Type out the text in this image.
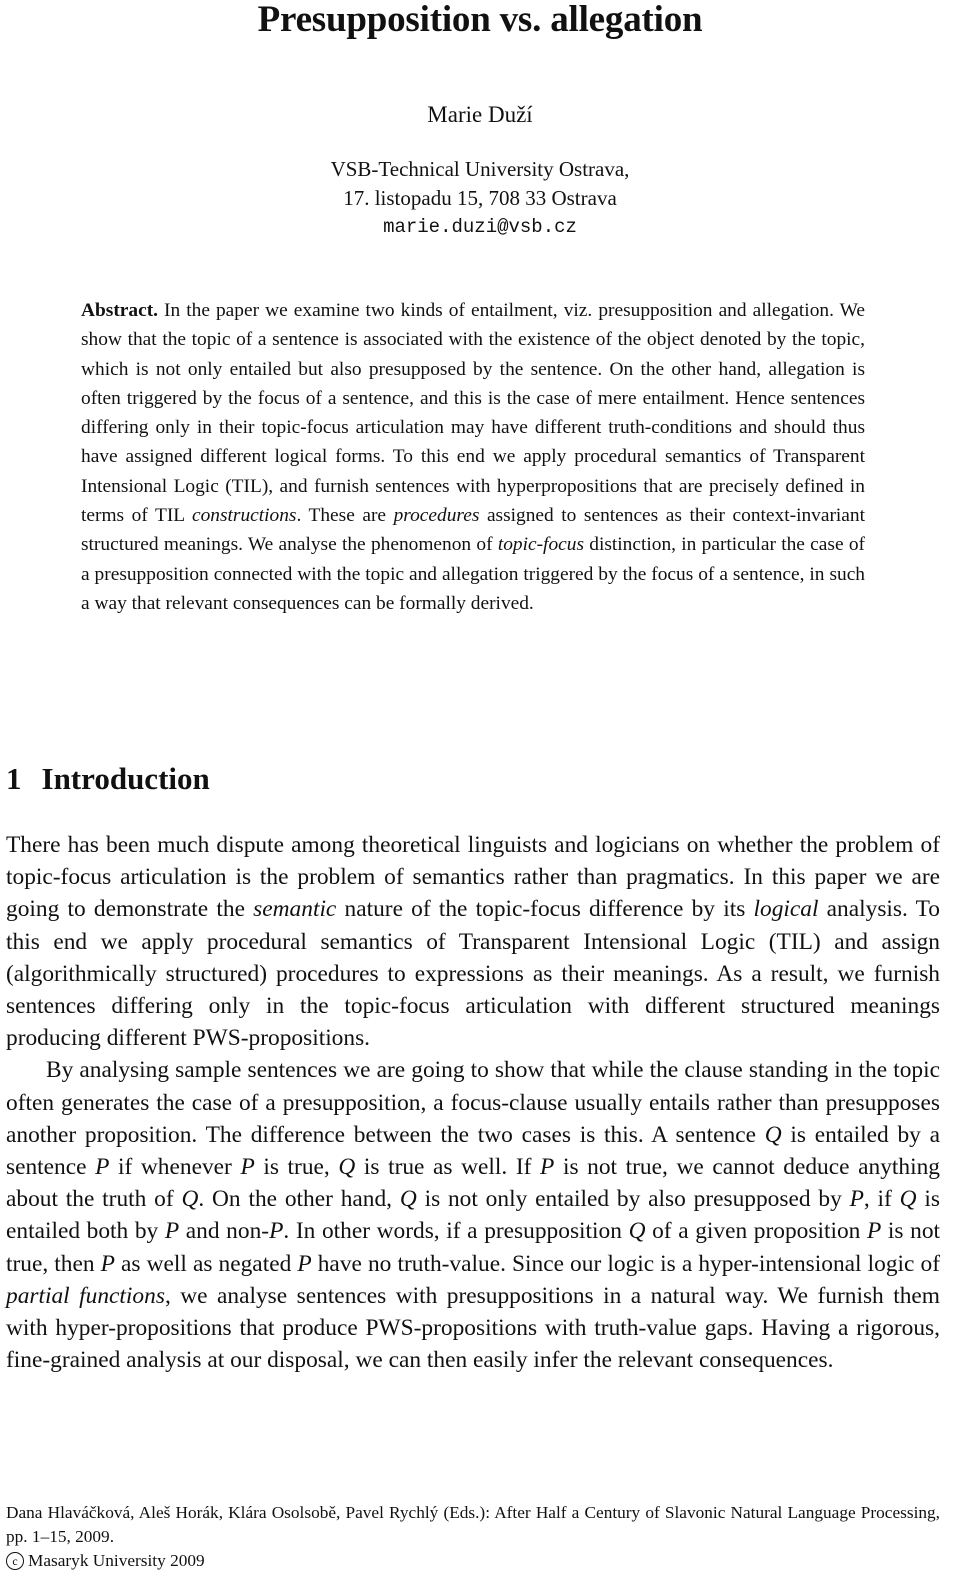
Presupposition vs. allegation
Marie Duží
VSB-Technical University Ostrava,
17. listopadu 15, 708 33 Ostrava
marie.duzi@vsb.cz
Abstract. In the paper we examine two kinds of entailment, viz. presupposition and allegation. We show that the topic of a sentence is associated with the existence of the object denoted by the topic, which is not only entailed but also presupposed by the sentence. On the other hand, allegation is often triggered by the focus of a sentence, and this is the case of mere entailment. Hence sentences differing only in their topic-focus articulation may have different truth-conditions and should thus have assigned different logical forms. To this end we apply procedural semantics of Transparent Intensional Logic (TIL), and furnish sentences with hyperpropositions that are precisely defined in terms of TIL constructions. These are procedures assigned to sentences as their context-invariant structured meanings. We analyse the phenomenon of topic-focus distinction, in particular the case of a presupposition connected with the topic and allegation triggered by the focus of a sentence, in such a way that relevant consequences can be formally derived.
1 Introduction

There has been much dispute among theoretical linguists and logicians on whether the problem of topic-focus articulation is the problem of semantics rather than pragmatics. In this paper we are going to demonstrate the semantic nature of the topic-focus difference by its logical analysis. To this end we apply procedural semantics of Transparent Intensional Logic (TIL) and assign (algorithmically structured) procedures to expressions as their meanings. As a result, we furnish sentences differing only in the topic-focus articulation with different structured meanings producing different PWS-propositions.

By analysing sample sentences we are going to show that while the clause standing in the topic often generates the case of a presupposition, a focus-clause usually entails rather than presupposes another proposition. The difference between the two cases is this. A sentence Q is entailed by a sentence P if whenever P is true, Q is true as well. If P is not true, we cannot deduce anything about the truth of Q. On the other hand, Q is not only entailed by also presupposed by P, if Q is entailed both by P and non-P. In other words, if a presupposition Q of a given proposition P is not true, then P as well as negated P have no truth-value. Since our logic is a hyper-intensional logic of partial functions, we analyse sentences with presuppositions in a natural way. We furnish them with hyper-propositions that produce PWS-propositions with truth-value gaps. Having a rigorous, fine-grained analysis at our disposal, we can then easily infer the relevant consequences.

Dana Hlaváčková, Aleš Horák, Klára Osolsobě, Pavel Rychlý (Eds.): After Half a Century of Slavonic Natural Language Processing, pp. 1–15, 2009.
c Masaryk University 2009
